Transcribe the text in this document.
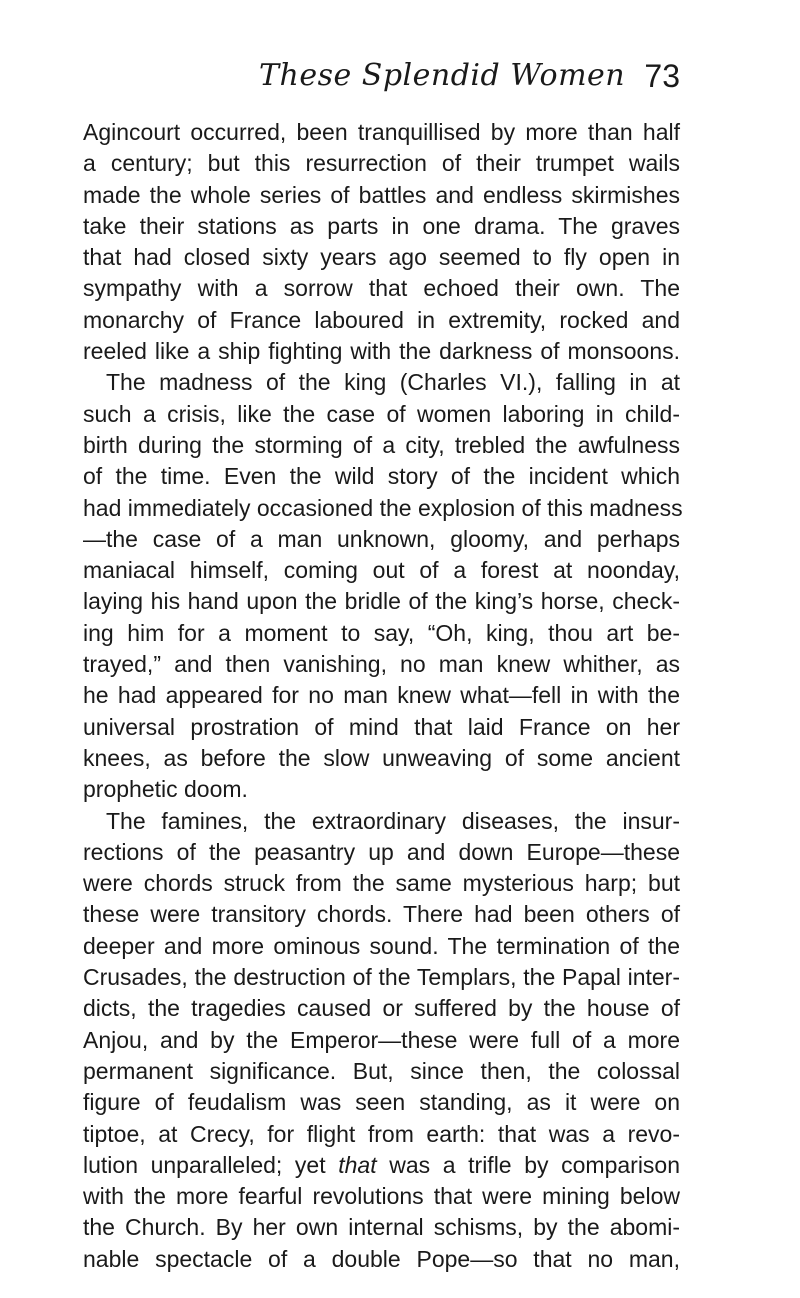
These Splendid Women 73
Agincourt occurred, been tranquillised by more than half
a century; but this resurrection of their trumpet wails
made the whole series of battles and endless skirmishes
take their stations as parts in one drama. The graves
that had closed sixty years ago seemed to fly open in
sympathy with a sorrow that echoed their own. The
monarchy of France laboured in extremity, rocked and
reeled like a ship fighting with the darkness of monsoons.
The madness of the king (Charles VI.), falling in at
such a crisis, like the case of women laboring in child-
birth during the storming of a city, trebled the awfulness
of the time. Even the wild story of the incident which
had immediately occasioned the explosion of this madness
—the case of a man unknown, gloomy, and perhaps
maniacal himself, coming out of a forest at noonday,
laying his hand upon the bridle of the king’s horse, check-
ing him for a moment to say, “Oh, king, thou art be-
trayed,” and then vanishing, no man knew whither, as
he had appeared for no man knew what—fell in with the
universal prostration of mind that laid France on her
knees, as before the slow unweaving of some ancient
prophetic doom.
The famines, the extraordinary diseases, the insur-
rections of the peasantry up and down Europe—these
were chords struck from the same mysterious harp; but
these were transitory chords. There had been others of
deeper and more ominous sound. The termination of the
Crusades, the destruction of the Templars, the Papal inter-
dicts, the tragedies caused or suffered by the house of
Anjou, and by the Emperor—these were full of a more
permanent significance. But, since then, the colossal
figure of feudalism was seen standing, as it were on
tiptoe, at Crecy, for flight from earth: that was a revo-
lution unparalleled; yet that was a trifle by comparison
with the more fearful revolutions that were mining below
the Church. By her own internal schisms, by the abomi-
nable spectacle of a double Pope—so that no man,
